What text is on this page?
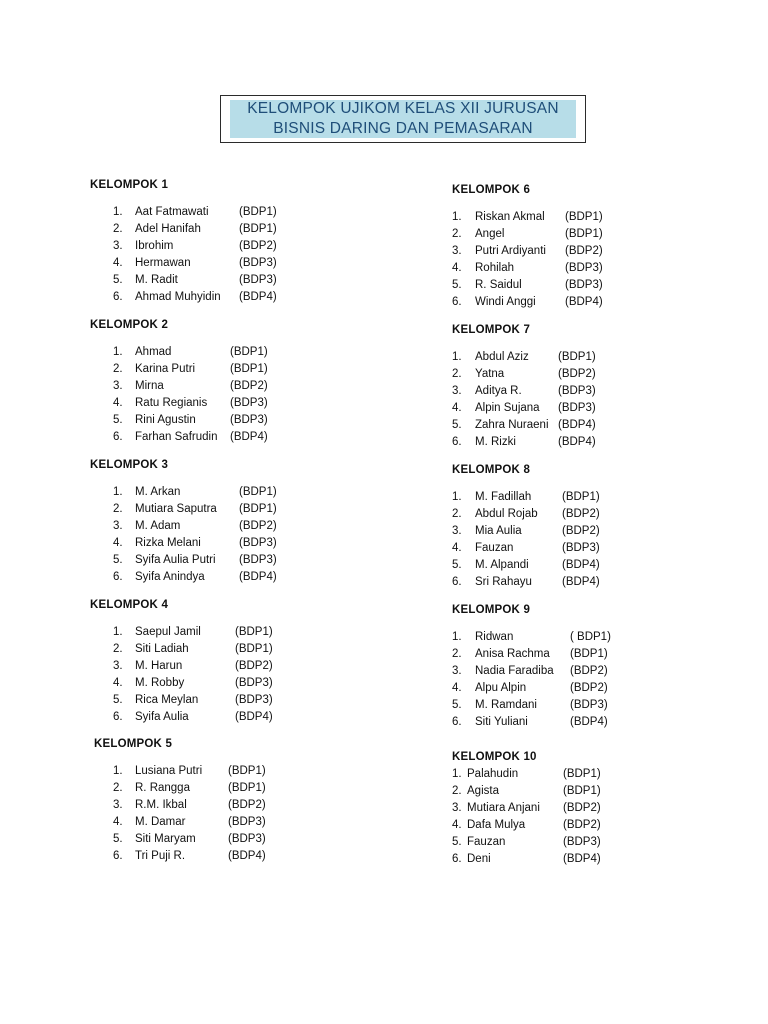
KELOMPOK UJIKOM KELAS XII JURUSAN
BISNIS DARING DAN PEMASARAN
KELOMPOK 1
1. Aat Fatmawati	(BDP1)
2. Adel Hanifah	(BDP1)
3. Ibrohim	(BDP2)
4. Hermawan	(BDP3)
5. M. Radit	(BDP3)
6. Ahmad Muhyidin (BDP4)
KELOMPOK 2
1. Ahmad	(BDP1)
2. Karina Putri	(BDP1)
3. Mirna	(BDP2)
4. Ratu Regianis (BDP3)
5. Rini Agustin	(BDP3)
6. Farhan Safrudin (BDP4)
KELOMPOK 3
1. M. Arkan	(BDP1)
2. Mutiara Saputra (BDP1)
3. M. Adam	(BDP2)
4. Rizka Melani	(BDP3)
5. Syifa Aulia Putri (BDP3)
6. Syifa Anindya	(BDP4)
KELOMPOK 4
1. Saepul Jamil	(BDP1)
2. Siti Ladiah	(BDP1)
3. M. Harun	(BDP2)
4. M. Robby	(BDP3)
5. Rica Meylan	(BDP3)
6. Syifa Aulia	(BDP4)
KELOMPOK 5
1. Lusiana Putri (BDP1)
2. R. Rangga	(BDP1)
3. R.M. Ikbal	(BDP2)
4. M. Damar	(BDP3)
5. Siti Maryam	(BDP3)
6. Tri Puji R.	(BDP4)
KELOMPOK 6
1. Riskan Akmal (BDP1)
2. Angel	(BDP1)
3. Putri Ardiyanti (BDP2)
4. Rohilah	(BDP3)
5. R. Saidul	(BDP3)
6. Windi Anggi	(BDP4)
KELOMPOK 7
1. Abdul Aziz	(BDP1)
2. Yatna	(BDP2)
3. Aditya R.	(BDP3)
4. Alpin Sujana (BDP3)
5. Zahra Nuraeni (BDP4)
6. M. Rizki	(BDP4)
KELOMPOK 8
1. M. Fadillah	(BDP1)
2. Abdul Rojab (BDP2)
3. Mia Aulia	(BDP2)
4. Fauzan	(BDP3)
5. M. Alpandi	(BDP4)
6. Sri Rahayu	(BDP4)
KELOMPOK 9
1. Ridwan	( BDP1)
2. Anisa Rachma (BDP1)
3. Nadia Faradiba (BDP2)
4. Alpu Alpin	(BDP2)
5. M. Ramdani	(BDP3)
6. Siti Yuliani	(BDP4)
KELOMPOK 10
1. Palahudin	(BDP1)
2. Agista	(BDP1)
3. Mutiara Anjani (BDP2)
4. Dafa Mulya	(BDP2)
5. Fauzan	(BDP3)
6. Deni	(BDP4)
